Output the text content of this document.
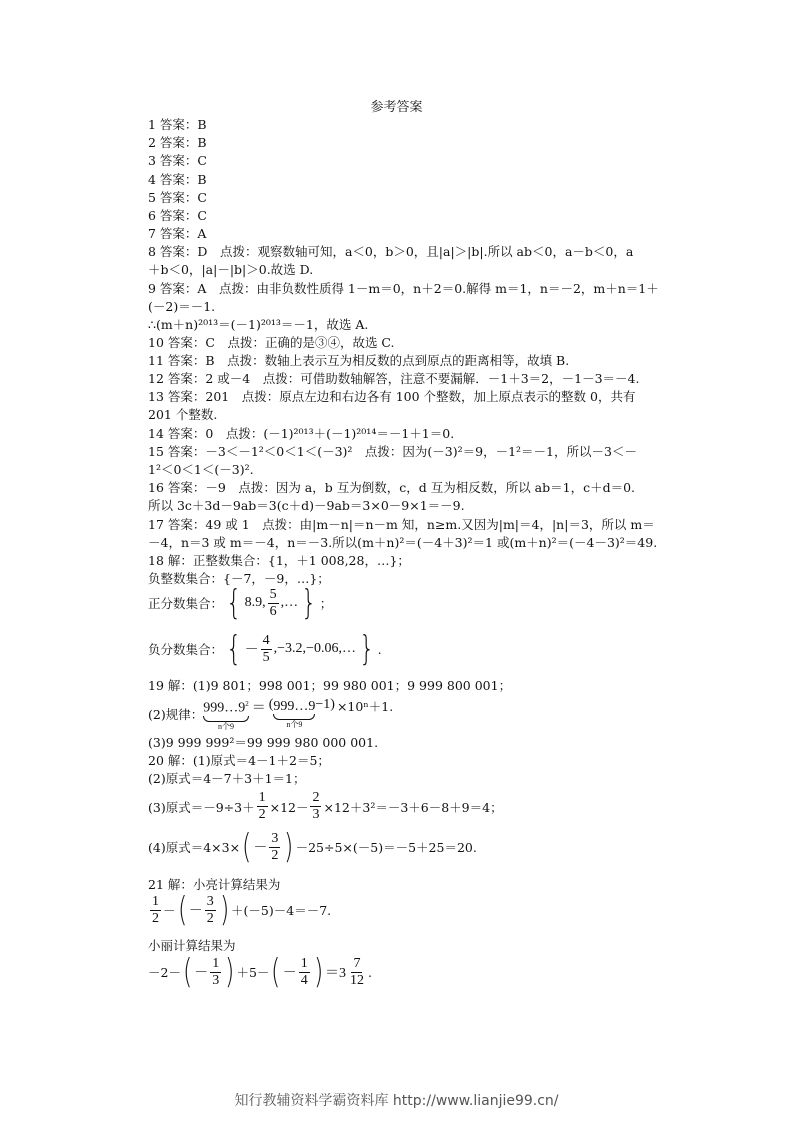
参考答案
1 答案：B
2 答案：B
3 答案：C
4 答案：B
5 答案：C
6 答案：C
7 答案：A
8 答案：D　点拨：观察数轴可知，a＜0，b＞0，且|a|＞|b|.所以 ab＜0，a－b＜0，a
＋b＜0，|a|－|b|＞0.故选 D.
9 答案：A　点拨：由非负数性质得 1－m＝0，n＋2＝0.解得 m＝1，n＝－2，m＋n＝1＋
(－2)＝－1.
∴(m＋n)²⁰¹³＝(－1)²⁰¹³＝－1，故选 A.
10 答案：C　点拨：正确的是③④，故选 C.
11 答案：B　点拨：数轴上表示互为相反数的点到原点的距离相等，故填 B.
12 答案：2 或－4　点拨：可借助数轴解答，注意不要漏解．－1＋3＝2，－1－3＝－4.
13 答案：201　点拨：原点左边和右边各有 100 个整数，加上原点表示的整数 0，共有
201 个整数.
14 答案：0　点拨：(－1)²⁰¹³＋(－1)²⁰¹⁴＝－1＋1＝0.
15 答案：－3＜－1²＜0＜1＜(－3)²　点拨：因为(－3)²＝9，－1²＝－1，所以－3＜－
1²＜0＜1＜(－3)².
16 答案：－9　点拨：因为 a，b 互为倒数，c，d 互为相反数，所以 ab＝1，c＋d＝0.
所以 3c＋3d－9ab＝3(c＋d)－9ab＝3×0－9×1＝－9.
17 答案：49 或 1　点拨：由|m－n|＝n－m 知，n≥m.又因为|m|＝4，|n|＝3，所以 m＝
－4，n＝3 或 m＝－4，n＝－3.所以(m＋n)²＝(－4＋3)²＝1 或(m＋n)²＝(－4－3)²＝49.
18 解：正整数集合：{1，＋1 008,28，…}；
负整数集合：{－7，－9，…}；
19 解：(1)9 801；998 001；99 980 001；9 999 800 001；
(3)9 999 999²＝99 999 980 000 001.
20 解：(1)原式＝4－1＋2＝5；
(2)原式＝4－7＋3＋1＝1；
21 解：小亮计算结果为
小丽计算结果为
正分数集合： { 8.9, $\frac{5}{6}$ ,… } ；
负分数集合： { － $\frac{4}{5}$ ,−3.2,−0.06,… } .
(2)规律： $999\dots 9^2$
n个9
＝ ( 999…9
n个9
−1) ×10ⁿ＋1.
(3)原式$=-9\div 3+ \frac{1}{2} \times 12- \frac{2}{3} \times 12+3^2=-3+6-8+9=4$；
(4)原式＝4×3× ( － $\frac{3}{2}$ ) －25÷5×(－5)＝－5＋25＝20.
$\frac{1}{2}$ － ( － $\frac{3}{2}$ ) ＋(－5)－4＝－7.
－2－ ( － $\frac{1}{3}$ ) ＋5－ ( － $\frac{1}{4}$ ) $=3 \frac{7}{12}$ .
知行教辅资料学霸资料库 http://www.lianjie99.cn/
